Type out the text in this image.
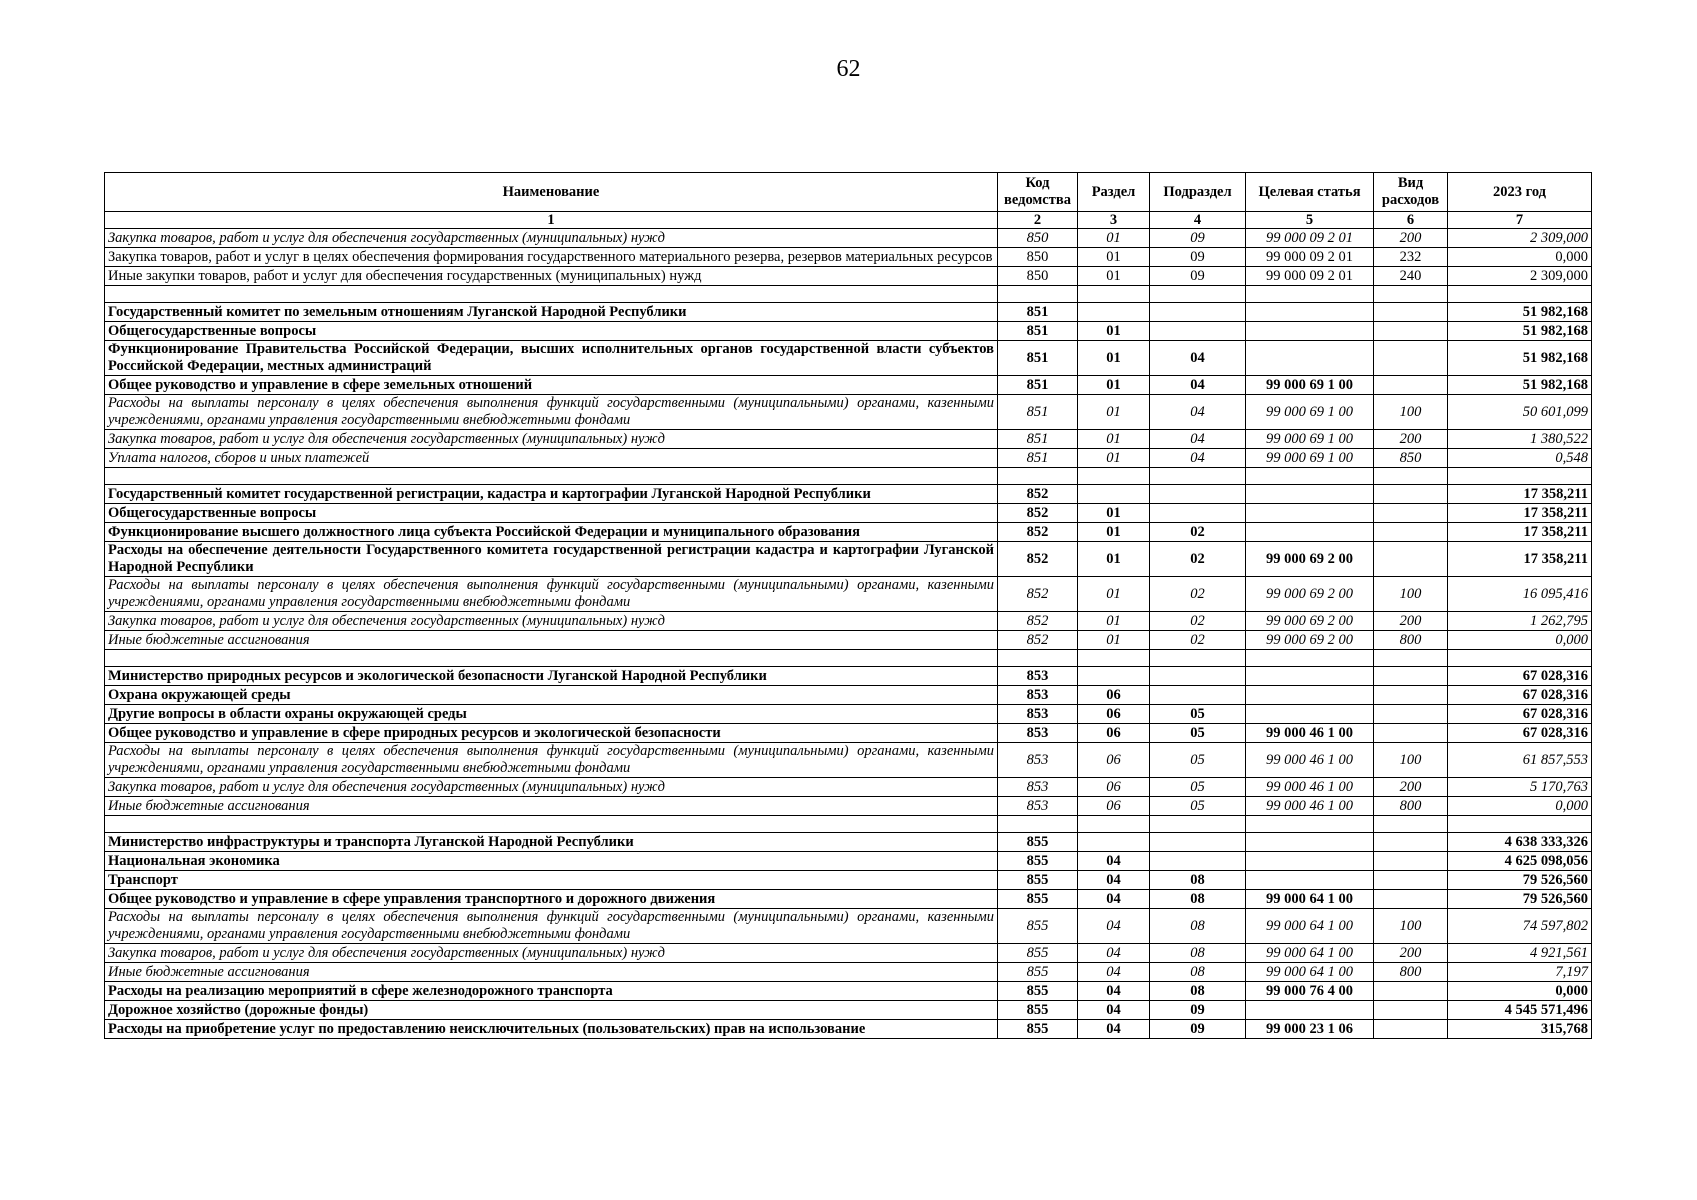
62
Наименование	Код ведомства	Раздел	Подраздел	Целевая статья	Вид расходов	2023 год
1	2	3	4	5	6	7
Закупка товаров, работ и услуг для обеспечения государственных (муниципальных) нужд	850	01	09	99 000 09 2 01	200	2 309,000
Закупка товаров, работ и услуг в целях обеспечения формирования государственного материального резерва, резервов материальных ресурсов	850	01	09	99 000 09 2 01	232	0,000
Иные закупки товаров, работ и услуг для обеспечения государственных (муниципальных) нужд	850	01	09	99 000 09 2 01	240	2 309,000

Государственный комитет по земельным отношениям Луганской Народной Республики	851					51 982,168
Общегосударственные вопросы	851	01				51 982,168
Функционирование Правительства Российской Федерации, высших исполнительных органов государственной власти субъектов Российской Федерации, местных администраций	851	01	04			51 982,168
Общее руководство и управление в сфере земельных отношений	851	01	04	99 000 69 1 00		51 982,168
Расходы на выплаты персоналу в целях обеспечения выполнения функций государственными (муниципальными) органами, казенными учреждениями, органами управления государственными внебюджетными фондами	851	01	04	99 000 69 1 00	100	50 601,099
Закупка товаров, работ и услуг для обеспечения государственных (муниципальных) нужд	851	01	04	99 000 69 1 00	200	1 380,522
Уплата налогов, сборов и иных платежей	851	01	04	99 000 69 1 00	850	0,548

Государственный комитет государственной регистрации, кадастра и картографии Луганской Народной Республики	852					17 358,211
Общегосударственные вопросы	852	01				17 358,211
Функционирование высшего должностного лица субъекта Российской Федерации и муниципального образования	852	01	02			17 358,211
Расходы на обеспечение деятельности Государственного комитета государственной регистрации кадастра и картографии Луганской Народной Республики	852	01	02	99 000 69 2 00		17 358,211
Расходы на выплаты персоналу в целях обеспечения выполнения функций государственными (муниципальными) органами, казенными учреждениями, органами управления государственными внебюджетными фондами	852	01	02	99 000 69 2 00	100	16 095,416
Закупка товаров, работ и услуг для обеспечения государственных (муниципальных) нужд	852	01	02	99 000 69 2 00	200	1 262,795
Иные бюджетные ассигнования	852	01	02	99 000 69 2 00	800	0,000

Министерство природных ресурсов и экологической безопасности Луганской Народной Республики	853					67 028,316
Охрана окружающей среды	853	06				67 028,316
Другие вопросы в области охраны окружающей среды	853	06	05			67 028,316
Общее руководство и управление в сфере природных ресурсов и экологической безопасности	853	06	05	99 000 46 1 00		67 028,316
Расходы на выплаты персоналу в целях обеспечения выполнения функций государственными (муниципальными) органами, казенными учреждениями, органами управления государственными внебюджетными фондами	853	06	05	99 000 46 1 00	100	61 857,553
Закупка товаров, работ и услуг для обеспечения государственных (муниципальных) нужд	853	06	05	99 000 46 1 00	200	5 170,763
Иные бюджетные ассигнования	853	06	05	99 000 46 1 00	800	0,000

Министерство инфраструктуры и транспорта Луганской Народной Республики	855					4 638 333,326
Национальная экономика	855	04				4 625 098,056
Транспорт	855	04	08			79 526,560
Общее руководство и управление в сфере управления транспортного и дорожного движения	855	04	08	99 000 64 1 00		79 526,560
Расходы на выплаты персоналу в целях обеспечения выполнения функций государственными (муниципальными) органами, казенными учреждениями, органами управления государственными внебюджетными фондами	855	04	08	99 000 64 1 00	100	74 597,802
Закупка товаров, работ и услуг для обеспечения государственных (муниципальных) нужд	855	04	08	99 000 64 1 00	200	4 921,561
Иные бюджетные ассигнования	855	04	08	99 000 64 1 00	800	7,197
Расходы на реализацию мероприятий в сфере железнодорожного транспорта	855	04	08	99 000 76 4 00		0,000
Дорожное хозяйство (дорожные фонды)	855	04	09			4 545 571,496
Расходы на приобретение услуг по предоставлению неисключительных (пользовательских) прав на использование	855	04	09	99 000 23 1 06		315,768
